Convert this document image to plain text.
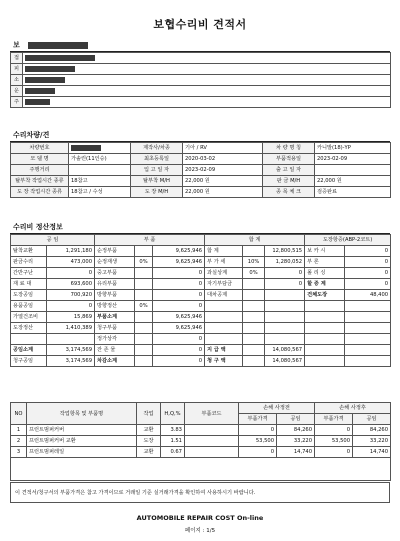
보협수리비 견적서
보
접	
피	
소	
운	
주	
수리차량/견
차량번호		제작사/차종	기아 / RV	차 량 명 칭	카니발(18)-YP
모 델 명	가솔린(11인승)	최초등록일	2020-03-02	부품적용일	2023-02-09
주행거리		입 고 일 자	2023-02-09	출 고 일 자	
탈부착 작업시간 종류	18참고	탈부착 M/H	22,000 원	판 금 M/H	22,000 원
도 장 작업시간 종류	18참고 / 수성	도 장 M/H	22,000 원	종 목 체 크	검증완료
수리비 정산정보
공 임		부 품			합 계			도장항증(ABP-2코트)	
탈착교환	1,291,180	순정부품		9,625,946	합 계		12,800,515	보 카 시	0
판금수리	473,000	순정재생	0%	9,625,946	부 가 세	10%	1,280,052	부 론	0
간반구난	0	중고부품		0	과실상계	0%	0	폴 리 싱	0
재 료 대	693,600	유리부품		0	자기부담금		0	할 증 계	0
도장공임	700,920	방향부품		0	대차공제			견체도장	48,400
용품공임	0	방향정산	0%	0					
가열건조비	15,869	부품소계		9,625,946					
도장정산	1,410,389	청구부품		9,625,946					
		정가상각		0					
공임소계	3,174,569	잔 존 물		0	지 급 액		14,080,567		
청구공임	3,174,569	차감소계		0	청 구 액		14,080,567		
NO	작업항목 및 부품명	작업	H,Q,%	부품코드	손해 사정전		손해 사정후	
					부품가격	공임	부품가격	공임
1	프런트범퍼커버	교환	3.83		0	84,260	0	84,260
2	프런트범퍼커버 교환	도장	1.51		53,500	33,220	53,500	33,220
3	프런트범퍼레일	교환	0.67		0	14,740	0	14,740

이 견적서/청구서의 부품가격은 참고 가격이므로 거래일 기준 실거래가격을 확인하여 사용하시기 바랍니다.
AUTOMOBILE REPAIR COST On-line
페이지 : 1/5
